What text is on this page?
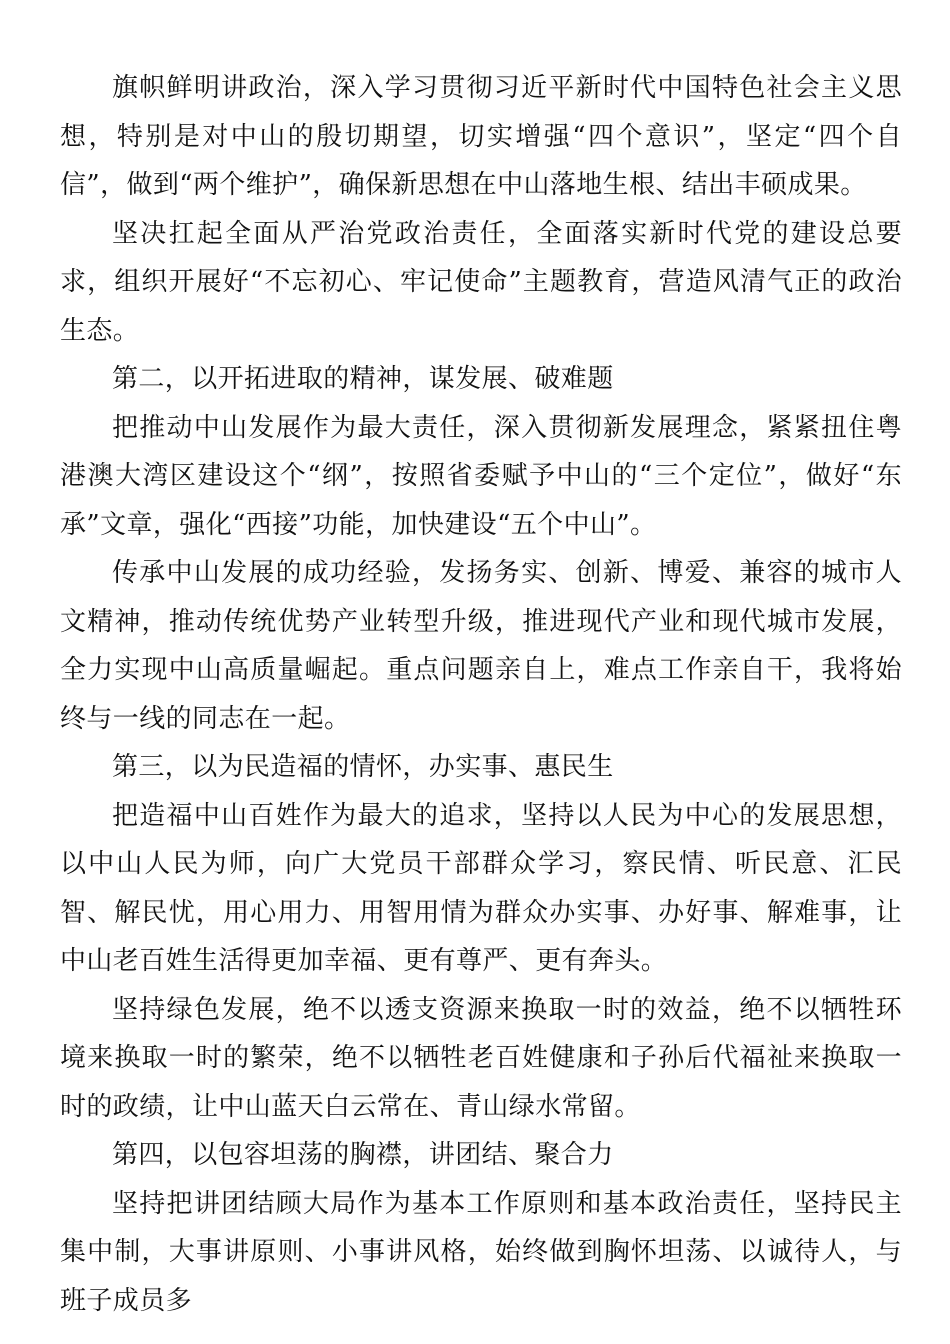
旗帜鲜明讲政治，深入学习贯彻习近平新时代中国特色社会主义思想，特别是对中山的殷切期望，切实增强“四个意识”，坚定“四个自信”，做到“两个维护”，确保新思想在中山落地生根、结出丰硕成果。

坚决扛起全面从严治党政治责任，全面落实新时代党的建设总要求，组织开展好“不忘初心、牢记使命”主题教育，营造风清气正的政治生态。

第二，以开拓进取的精神，谋发展、破难题

把推动中山发展作为最大责任，深入贯彻新发展理念，紧紧扭住粤港澳大湾区建设这个“纲”，按照省委赋予中山的“三个定位”，做好“东承”文章，强化“西接”功能，加快建设“五个中山”。

传承中山发展的成功经验，发扬务实、创新、博爱、兼容的城市人文精神，推动传统优势产业转型升级，推进现代产业和现代城市发展，全力实现中山高质量崛起。重点问题亲自上，难点工作亲自干，我将始终与一线的同志在一起。

第三，以为民造福的情怀，办实事、惠民生

把造福中山百姓作为最大的追求，坚持以人民为中心的发展思想，以中山人民为师，向广大党员干部群众学习，察民情、听民意、汇民智、解民忧，用心用力、用智用情为群众办实事、办好事、解难事，让中山老百姓生活得更加幸福、更有尊严、更有奔头。

坚持绿色发展，绝不以透支资源来换取一时的效益，绝不以牺牲环境来换取一时的繁荣，绝不以牺牲老百姓健康和子孙后代福祉来换取一时的政绩，让中山蓝天白云常在、青山绿水常留。

第四，以包容坦荡的胸襟，讲团结、聚合力

坚持把讲团结顾大局作为基本工作原则和基本政治责任，坚持民主集中制，大事讲原则、小事讲风格，始终做到胸怀坦荡、以诚待人，与班子成员多
